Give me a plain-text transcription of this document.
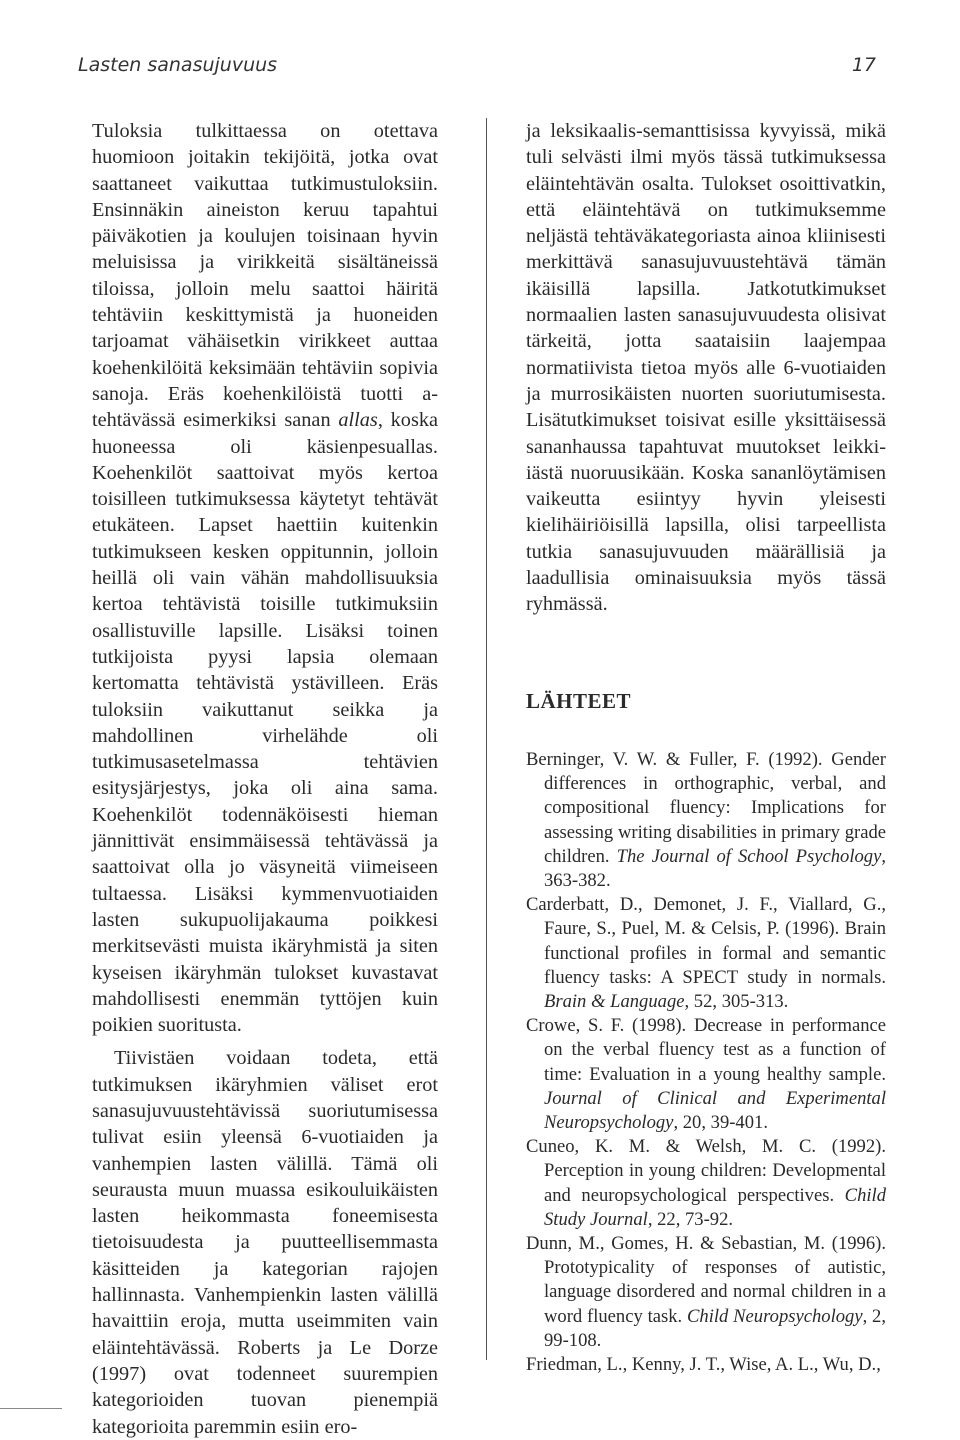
Lasten sanasujuvuus	17

Tuloksia tulkittaessa on otettava huomioon joitakin tekijöitä, jotka ovat saattaneet vaikuttaa tutkimustuloksiin. Ensinnäkin aineiston keruu tapahtui päiväkotien ja koulujen toisinaan hyvin meluisissa ja virikkeitä sisältäneissä tiloissa, jolloin melu saattoi häiritä tehtäviin keskittymistä ja huoneiden tarjoamat vähäisetkin virikkeet auttaa koehenkilöitä keksimään tehtäviin sopivia sanoja. Eräs koehenkilöistä tuotti a-tehtävässä esimerkiksi sanan allas, koska huoneessa oli käsienpesuallas. Koehenkilöt saattoivat myös kertoa toisilleen tutkimuksessa käytetyt tehtävät etukäteen. Lapset haettiin kuitenkin tutkimukseen kesken oppitunnin, jolloin heillä oli vain vähän mahdollisuuksia kertoa tehtävistä toisille tutkimuksiin osallistuville lapsille. Lisäksi toinen tutkijoista pyysi lapsia olemaan kertomatta tehtävistä ystävilleen. Eräs tuloksiin vaikuttanut seikka ja mahdollinen virhelähde oli tutkimusasetelmassa tehtävien esitysjärjestys, joka oli aina sama. Koehenkilöt todennäköisesti hieman jännittivät ensimmäisessä tehtävässä ja saattoivat olla jo väsyneitä viimeiseen tultaessa. Lisäksi kymmenvuotiaiden lasten sukupuolijakauma poikkesi merkitsevästi muista ikäryhmistä ja siten kyseisen ikäryhmän tulokset kuvastavat mahdollisesti enemmän tyttöjen kuin poikien suoritusta.

Tiivistäen voidaan todeta, että tutkimuksen ikäryhmien väliset erot sanasujuvuustehtävissä suoriutumisessa tulivat esiin yleensä 6-vuotiaiden ja vanhempien lasten välillä. Tämä oli seurausta muun muassa esikouluikäisten lasten heikommasta foneemisesta tietoisuudesta ja puutteellisemmasta käsitteiden ja kategorian rajojen hallinnasta. Vanhempienkin lasten välillä havaittiin eroja, mutta useimmiten vain eläintehtävässä. Roberts ja Le Dorze (1997) ovat todenneet suurempien kategorioiden tuovan pienempiä kategorioita paremmin esiin ero-

ja leksikaalis-semanttisissa kyvyissä, mikä tuli selvästi ilmi myös tässä tutkimuksessa eläintehtävän osalta. Tulokset osoittivatkin, että eläintehtävä on tutkimuksemme neljästä tehtäväkategoriasta ainoa kliinisesti merkittävä sanasujuvuustehtävä tämän ikäisillä lapsilla. Jatkotutkimukset normaalien lasten sanasujuvuudesta olisivat tärkeitä, jotta saataisiin laajempaa normatiivista tietoa myös alle 6-vuotiaiden ja murrosikäisten nuorten suoriutumisesta. Lisätutkimukset toisivat esille yksittäisessä sananhaussa tapahtuvat muutokset leikki-iästä nuoruusikään. Koska sananlöytämisen vaikeutta esiintyy hyvin yleisesti kielihäiriöisillä lapsilla, olisi tarpeellista tutkia sanasujuvuuden määrällisiä ja laadullisia ominaisuuksia myös tässä ryhmässä.

LÄHTEET

Berninger, V. W. & Fuller, F. (1992). Gender differences in orthographic, verbal, and compositional fluency: Implications for assessing writing disabilities in primary grade children. The Journal of School Psychology, 363-382.

Carderbatt, D., Demonet, J. F., Viallard, G., Faure, S., Puel, M. & Celsis, P. (1996). Brain functional profiles in formal and semantic fluency tasks: A SPECT study in normals. Brain & Language, 52, 305-313.

Crowe, S. F. (1998). Decrease in performance on the verbal fluency test as a function of time: Evaluation in a young healthy sample. Journal of Clinical and Experimental Neuropsychology, 20, 39-401.

Cuneo, K. M. & Welsh, M. C. (1992). Perception in young children: Developmental and neuropsychological perspectives. Child Study Journal, 22, 73-92.

Dunn, M., Gomes, H. & Sebastian, M. (1996). Prototypicality of responses of autistic, language disordered and normal children in a word fluency task. Child Neuropsychology, 2, 99-108.

Friedman, L., Kenny, J. T., Wise, A. L., Wu, D.,
